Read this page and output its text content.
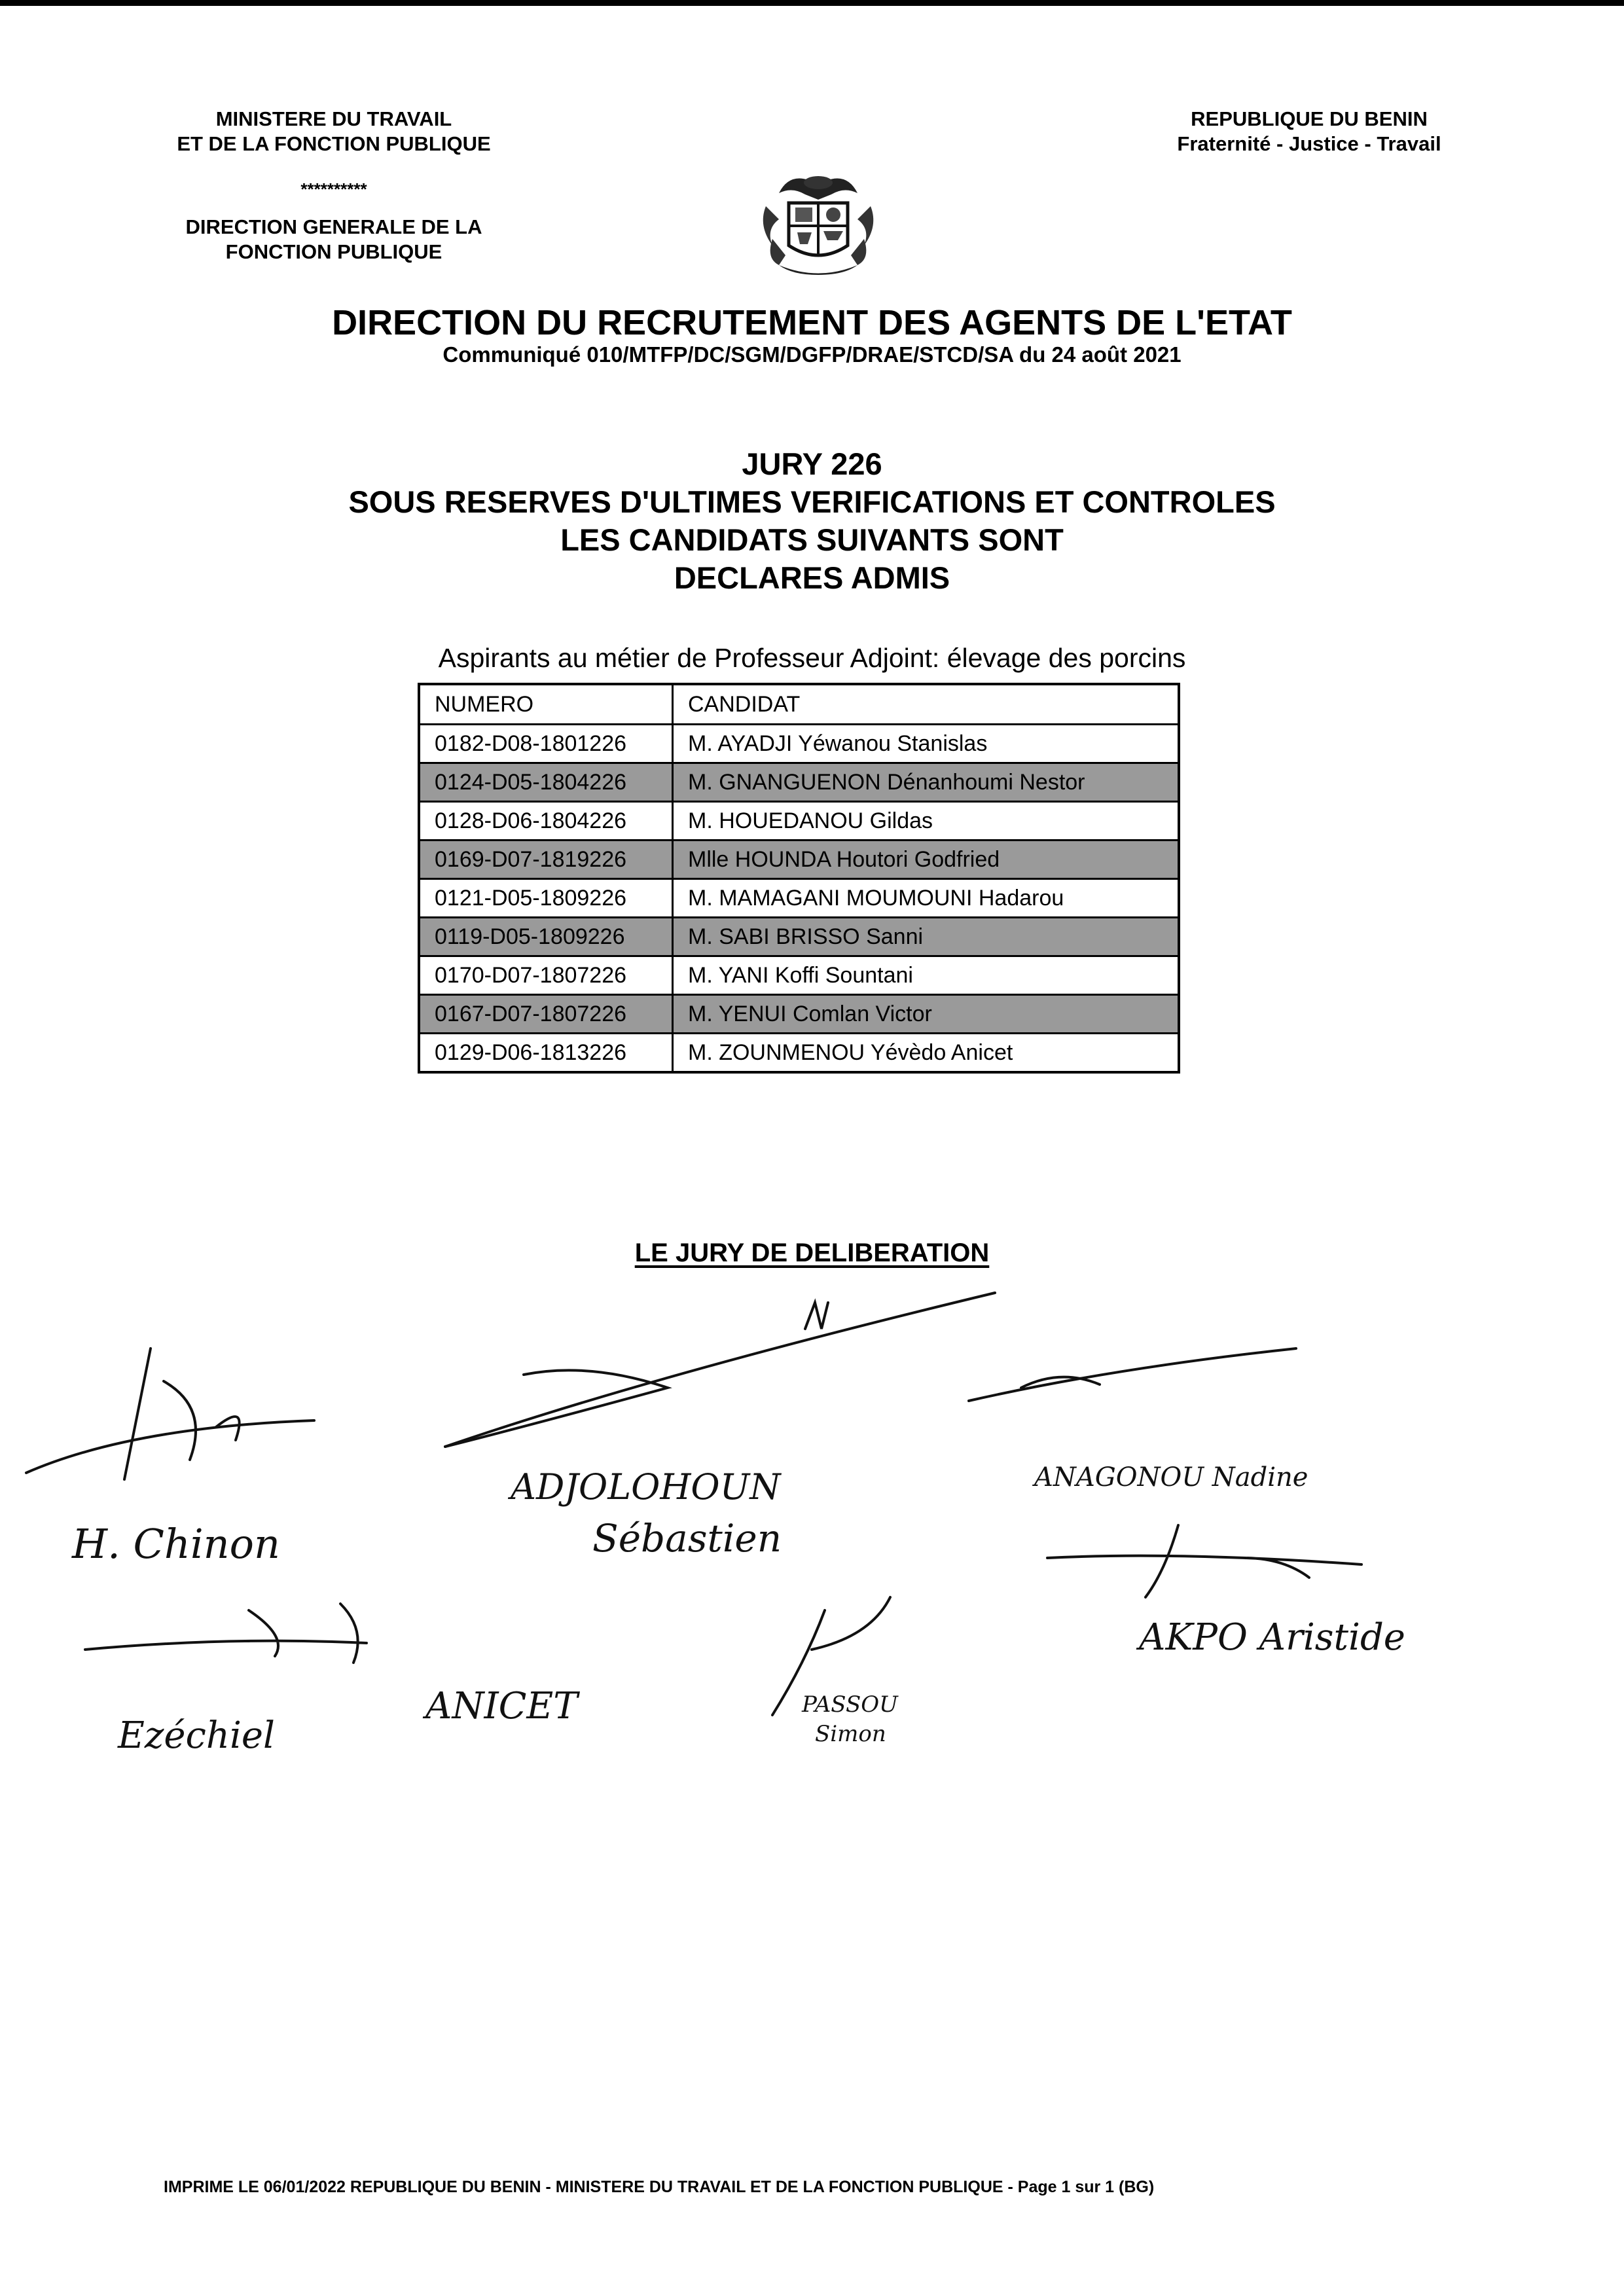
MINISTERE DU TRAVAIL
ET DE LA FONCTION PUBLIQUE
**********
DIRECTION GENERALE DE LA
FONCTION PUBLIQUE
REPUBLIQUE DU BENIN
Fraternité - Justice - Travail
DIRECTION DU RECRUTEMENT DES AGENTS DE L'ETAT
Communiqué 010/MTFP/DC/SGM/DGFP/DRAE/STCD/SA du 24 août 2021
JURY 226
SOUS RESERVES D'ULTIMES VERIFICATIONS ET CONTROLES
LES CANDIDATS SUIVANTS SONT
DECLARES ADMIS
Aspirants au métier de Professeur Adjoint: élevage des porcins
NUMERO	CANDIDAT
0182-D08-1801226	M. AYADJI Yéwanou Stanislas
0124-D05-1804226	M. GNANGUENON Dénanhoumi Nestor
0128-D06-1804226	M. HOUEDANOU Gildas
0169-D07-1819226	Mlle HOUNDA Houtori Godfried
0121-D05-1809226	M. MAMAGANI MOUMOUNI Hadarou
0119-D05-1809226	M. SABI BRISSO Sanni
0170-D07-1807226	M. YANI Koffi Sountani
0167-D07-1807226	M. YENUI Comlan Victor
0129-D06-1813226	M. ZOUNMENOU Yévèdo Anicet
LE JURY DE DELIBERATION
H. Chinon
ADJOLOHOUN
Sébastien
ANAGONOU Nadine
AKPO Aristide
Ezéchiel
ANICET	PASSOU
Simon
IMPRIME LE 06/01/2022 REPUBLIQUE DU BENIN - MINISTERE DU TRAVAIL ET DE LA FONCTION PUBLIQUE - Page 1 sur 1 (BG)
